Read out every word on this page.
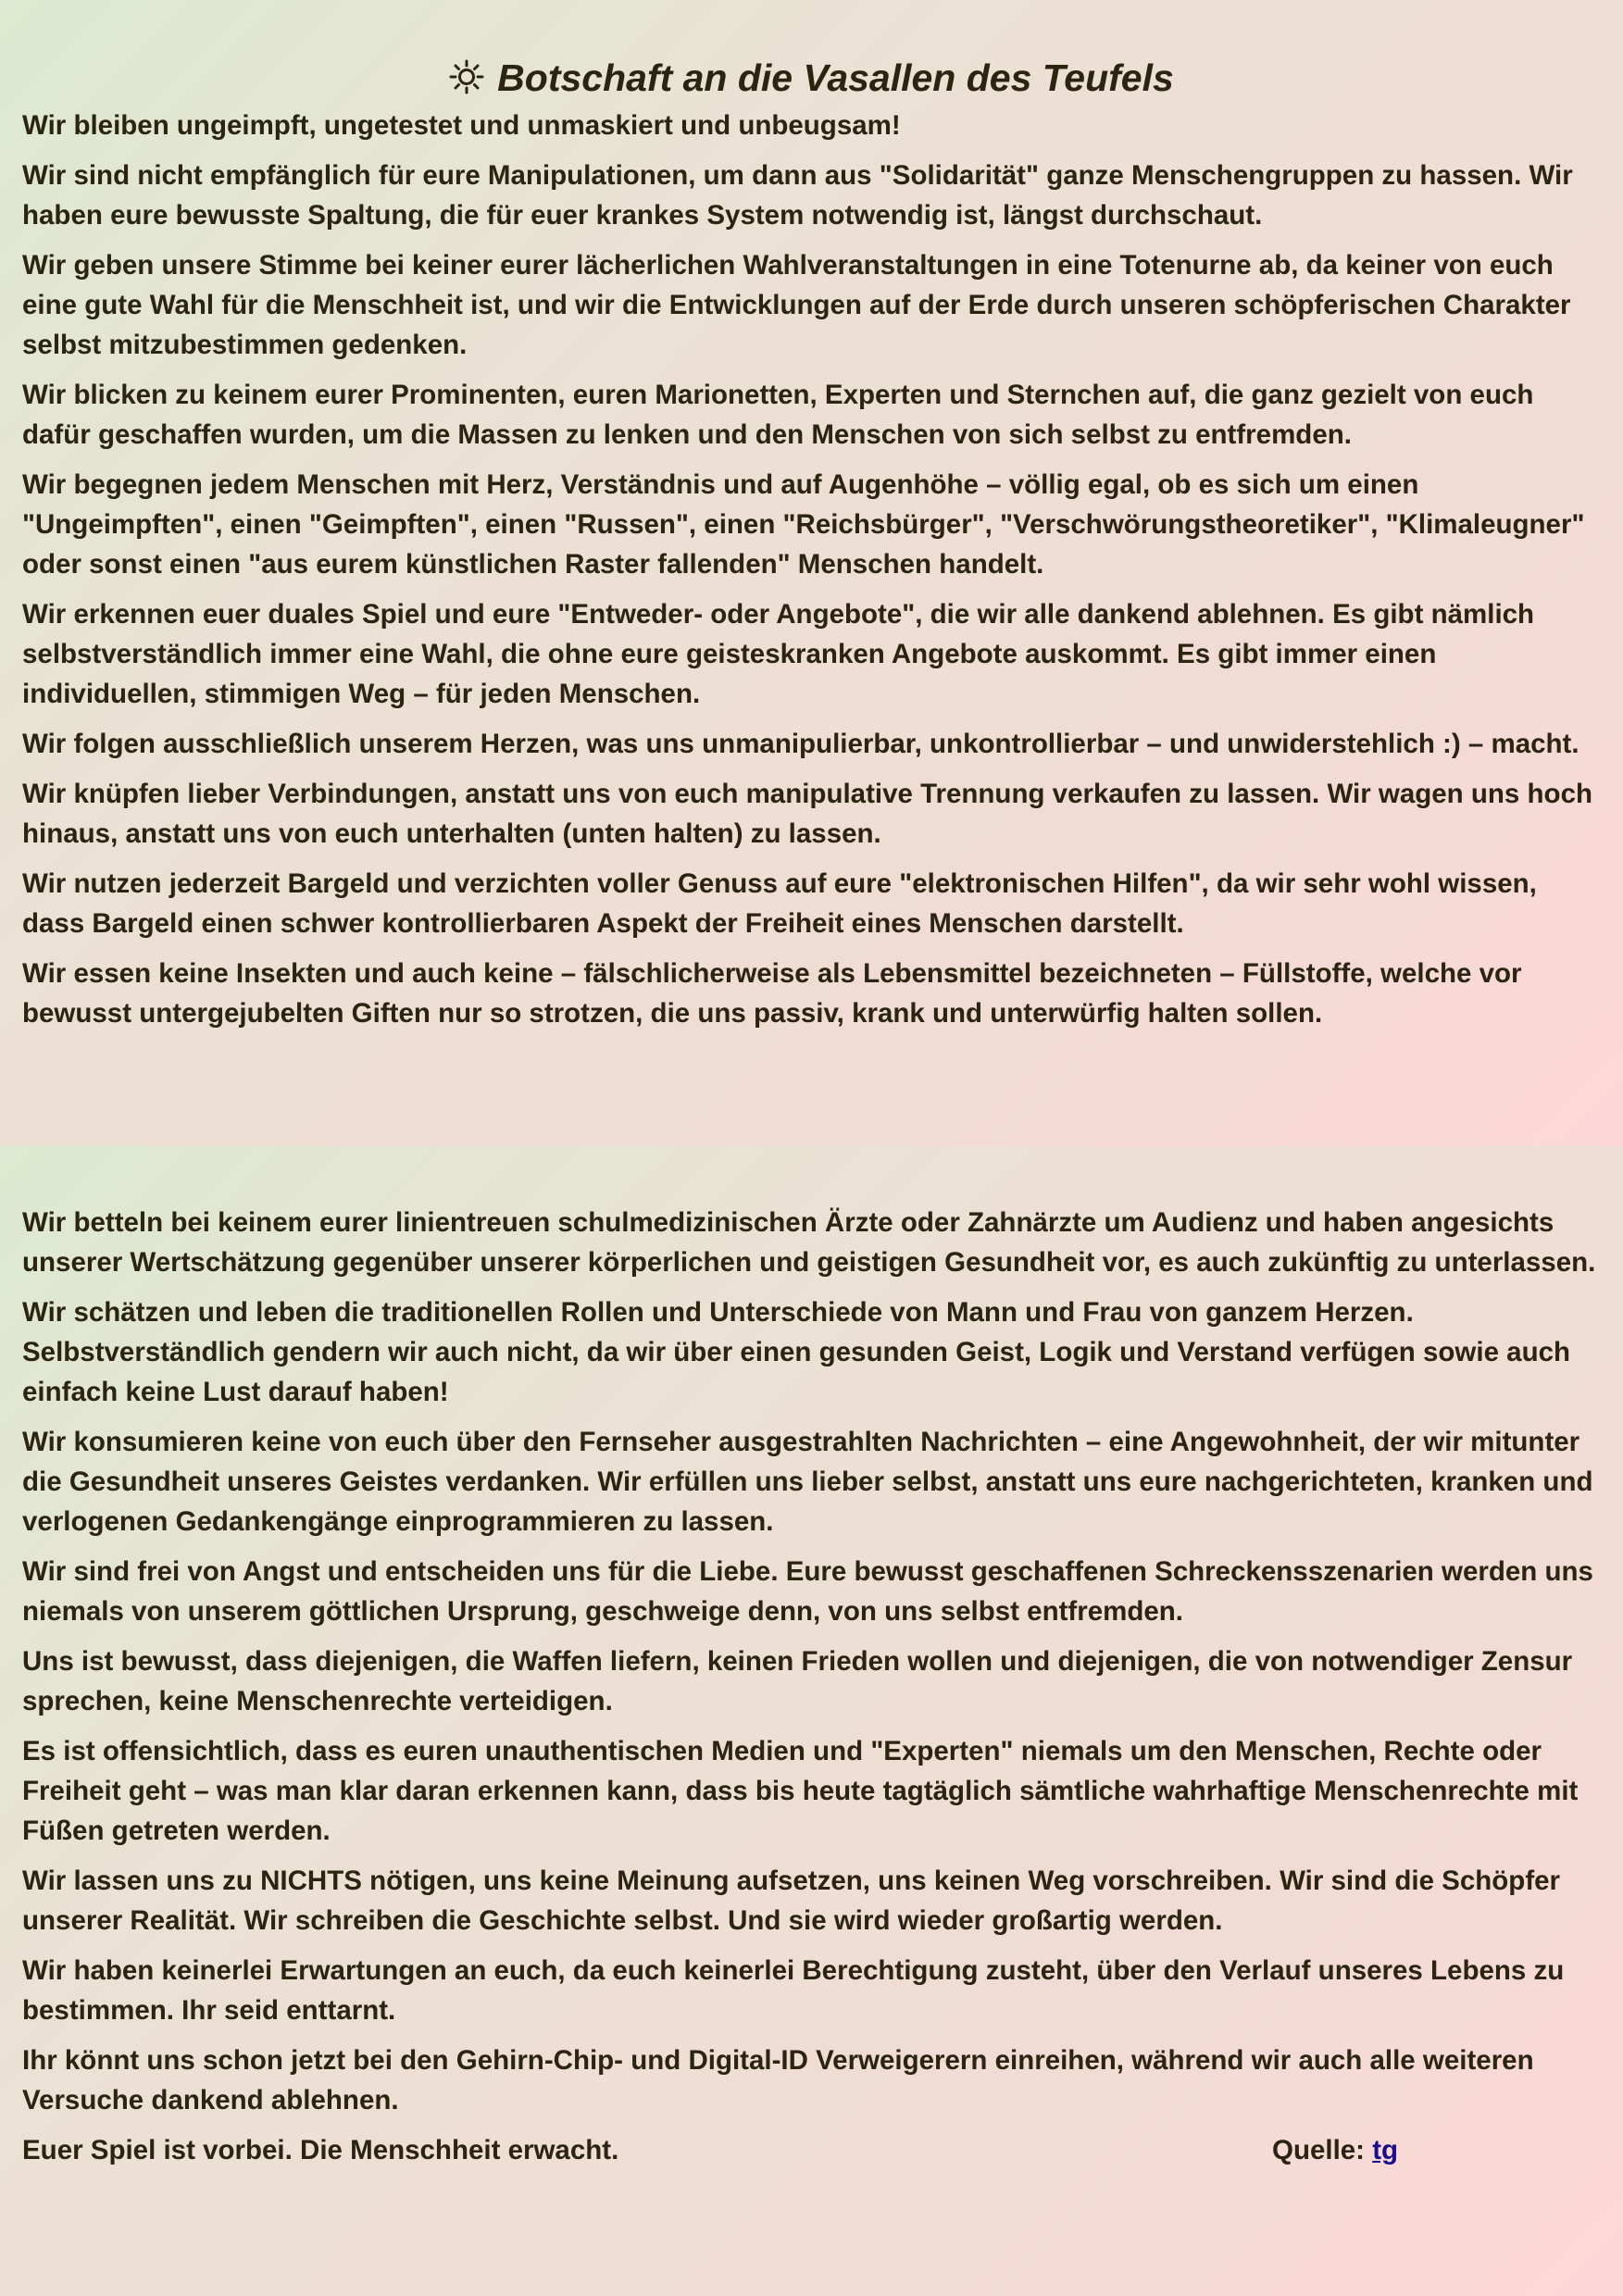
Botschaft an die Vasallen des Teufels

Wir bleiben ungeimpft, ungetestet und unmaskiert und unbeugsam!

Wir sind nicht empfänglich für eure Manipulationen, um dann aus "Solidarität" ganze Menschengruppen zu hassen. Wir haben eure bewusste Spaltung, die für euer krankes System notwendig ist, längst durchschaut.

Wir geben unsere Stimme bei keiner eurer lächerlichen Wahlveranstaltungen in eine Totenurne ab, da keiner von euch eine gute Wahl für die Menschheit ist, und wir die Entwicklungen auf der Erde durch unseren schöpferischen Charakter selbst mitzubestimmen gedenken.

Wir blicken zu keinem eurer Prominenten, euren Marionetten, Experten und Sternchen auf, die ganz gezielt von euch dafür geschaffen wurden, um die Massen zu lenken und den Menschen von sich selbst zu entfremden.

Wir begegnen jedem Menschen mit Herz, Verständnis und auf Augenhöhe – völlig egal, ob es sich um einen "Ungeimpften", einen "Geimpften", einen "Russen", einen "Reichsbürger", "Verschwörungstheoretiker", "Klimaleugner" oder sonst einen "aus eurem künstlichen Raster fallenden" Menschen handelt.

Wir erkennen euer duales Spiel und eure "Entweder- oder Angebote", die wir alle dankend ablehnen. Es gibt nämlich selbstverständlich immer eine Wahl, die ohne eure geisteskranken Angebote auskommt. Es gibt immer einen individuellen, stimmigen Weg – für jeden Menschen.

Wir folgen ausschließlich unserem Herzen, was uns unmanipulierbar, unkontrollierbar – und unwiderstehlich :) – macht.

Wir knüpfen lieber Verbindungen, anstatt uns von euch manipulative Trennung verkaufen zu lassen. Wir wagen uns hoch hinaus, anstatt uns von euch unterhalten (unten halten) zu lassen.

Wir nutzen jederzeit Bargeld und verzichten voller Genuss auf eure "elektronischen Hilfen", da wir sehr wohl wissen, dass Bargeld einen schwer kontrollierbaren Aspekt der Freiheit eines Menschen darstellt.

Wir essen keine Insekten und auch keine – fälschlicherweise als Lebensmittel bezeichneten – Füllstoffe, welche vor bewusst untergejubelten Giften nur so strotzen, die uns passiv, krank und unterwürfig halten sollen.

Wir betteln bei keinem eurer linientreuen schulmedizinischen Ärzte oder Zahnärzte um Audienz und haben angesichts unserer Wertschätzung gegenüber unserer körperlichen und geistigen Gesundheit vor, es auch zukünftig zu unterlassen.

Wir schätzen und leben die traditionellen Rollen und Unterschiede von Mann und Frau von ganzem Herzen. Selbstverständlich gendern wir auch nicht, da wir über einen gesunden Geist, Logik und Verstand verfügen sowie auch einfach keine Lust darauf haben!

Wir konsumieren keine von euch über den Fernseher ausgestrahlten Nachrichten – eine Angewohnheit, der wir mitunter die Gesundheit unseres Geistes verdanken. Wir erfüllen uns lieber selbst, anstatt uns eure nachgerichteten, kranken und verlogenen Gedankengänge einprogrammieren zu lassen.

Wir sind frei von Angst und entscheiden uns für die Liebe. Eure bewusst geschaffenen Schreckensszenarien werden uns niemals von unserem göttlichen Ursprung, geschweige denn, von uns selbst entfremden.

Uns ist bewusst, dass diejenigen, die Waffen liefern, keinen Frieden wollen und diejenigen, die von notwendiger Zensur sprechen, keine Menschenrechte verteidigen.

Es ist offensichtlich, dass es euren unauthentischen Medien und "Experten" niemals um den Menschen, Rechte oder Freiheit geht – was man klar daran erkennen kann, dass bis heute tagtäglich sämtliche wahrhaftige Menschenrechte mit Füßen getreten werden.

Wir lassen uns zu NICHTS nötigen, uns keine Meinung aufsetzen, uns keinen Weg vorschreiben. Wir sind die Schöpfer unserer Realität. Wir schreiben die Geschichte selbst. Und sie wird wieder großartig werden.

Wir haben keinerlei Erwartungen an euch, da euch keinerlei Berechtigung zusteht, über den Verlauf unseres Lebens zu bestimmen. Ihr seid enttarnt.

Ihr könnt uns schon jetzt bei den Gehirn-Chip- und Digital-ID Verweigerern einreihen, während wir auch alle weiteren Versuche dankend ablehnen.

Euer Spiel ist vorbei. Die Menschheit erwacht.	Quelle: tg
